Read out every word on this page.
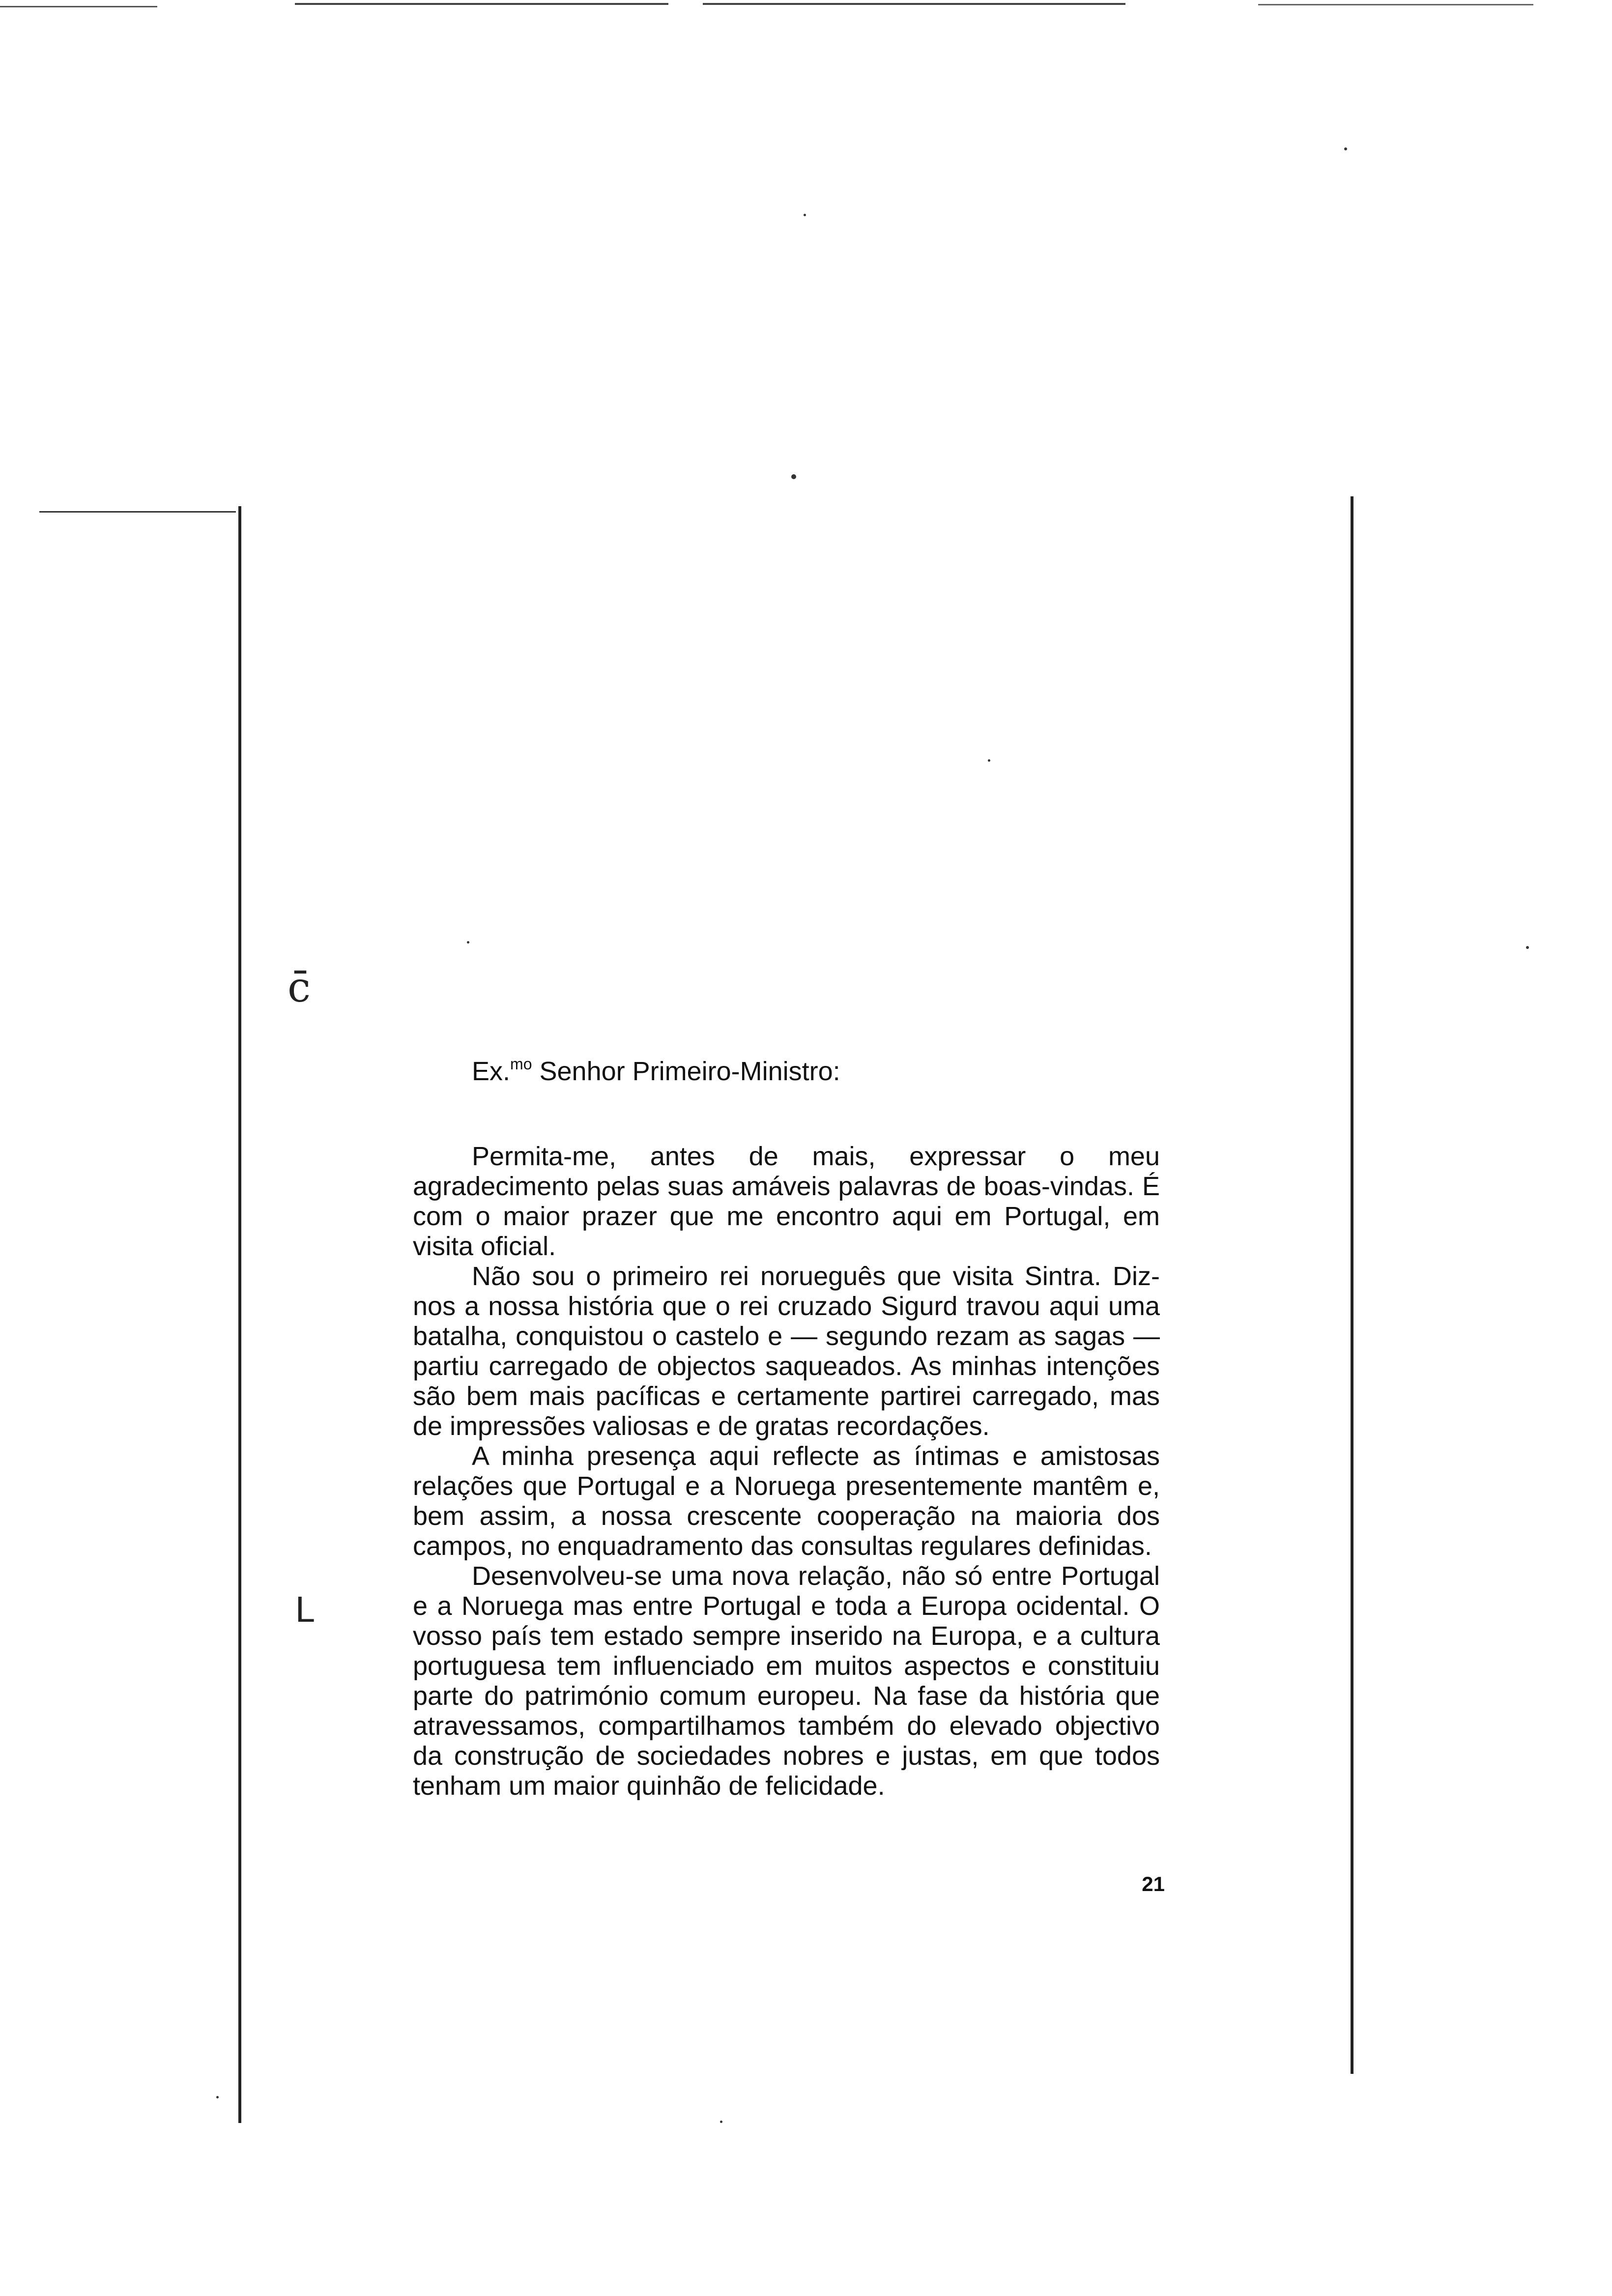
ϲ̄
ᒪ

Ex.$^{mo}$ Senhor Primeiro-Ministro:

Permita-me, antes de mais, expressar o meu agradecimento pelas suas amáveis palavras de boas-vindas. É com o maior prazer que me encontro aqui em Portugal, em visita oficial.

Não sou o primeiro rei norueguês que visita Sintra. Diz-nos a nossa história que o rei cruzado Sigurd travou aqui uma batalha, conquistou o castelo e — segundo rezam as sagas — partiu carregado de objectos saqueados. As minhas intenções são bem mais pacíficas e certamente partirei carregado, mas de impressões valiosas e de gratas recordações.

A minha presença aqui reflecte as íntimas e amistosas relações que Portugal e a Noruega presentemente mantêm e, bem assim, a nossa crescente cooperação na maioria dos campos, no enquadramento das consultas regulares definidas.

Desenvolveu-se uma nova relação, não só entre Portugal e a Noruega mas entre Portugal e toda a Europa ocidental. O vosso país tem estado sempre inserido na Europa, e a cultura portuguesa tem influenciado em muitos aspectos e constituiu parte do património comum europeu. Na fase da história que atravessamos, compartilhamos também do elevado objectivo da construção de sociedades nobres e justas, em que todos tenham um maior quinhão de felicidade.

21
